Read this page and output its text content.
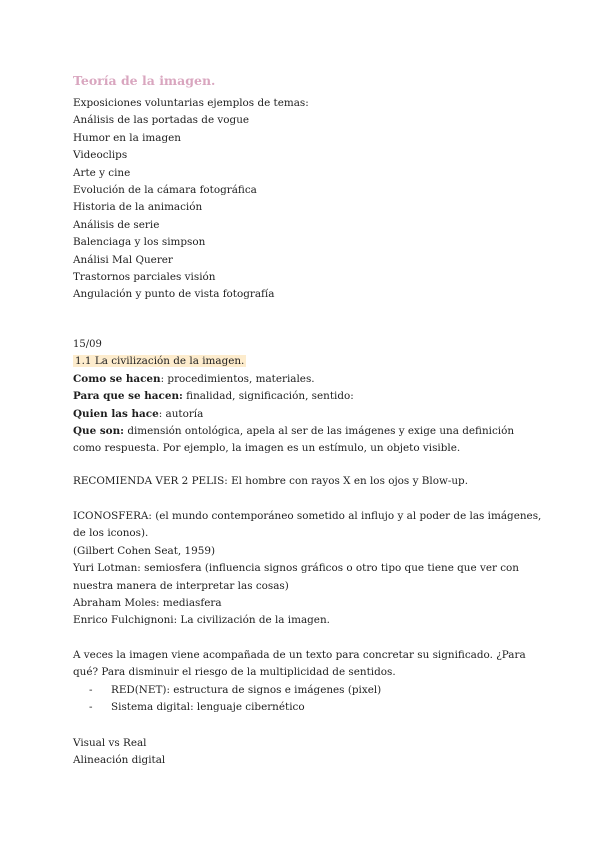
Teoría de la imagen.
Exposiciones voluntarias ejemplos de temas:
Análisis de las portadas de vogue
Humor en la imagen
Videoclips
Arte y cine
Evolución de la cámara fotográfica
Historia de la animación
Análisis de serie
Balenciaga y los simpson
Análisi Mal Querer
Trastornos parciales visión
Angulación y punto de vista fotografía
15/09
1.1 La civilización de la imagen.
Como se hacen: procedimientos, materiales.
Para que se hacen: finalidad, significación, sentido:
Quien las hace: autoría
Que son: dimensión ontológica, apela al ser de las imágenes y exige una definición como respuesta. Por ejemplo, la imagen es un estímulo, un objeto visible.
RECOMIENDA VER 2 PELIS: El hombre con rayos X en los ojos y Blow-up.
ICONOSFERA: (el mundo contemporáneo sometido al influjo y al poder de las imágenes, de los iconos).
(Gilbert Cohen Seat, 1959)
Yuri Lotman: semiosfera (influencia signos gráficos o otro tipo que tiene que ver con nuestra manera de interpretar las cosas)
Abraham Moles: mediasfera
Enrico Fulchignoni: La civilización de la imagen.
A veces la imagen viene acompañada de un texto para concretar su significado. ¿Para qué? Para disminuir el riesgo de la multiplicidad de sentidos.
-	RED(NET): estructura de signos e imágenes (pixel)
-	Sistema digital: lenguaje cibernético
Visual vs Real
Alineación digital
